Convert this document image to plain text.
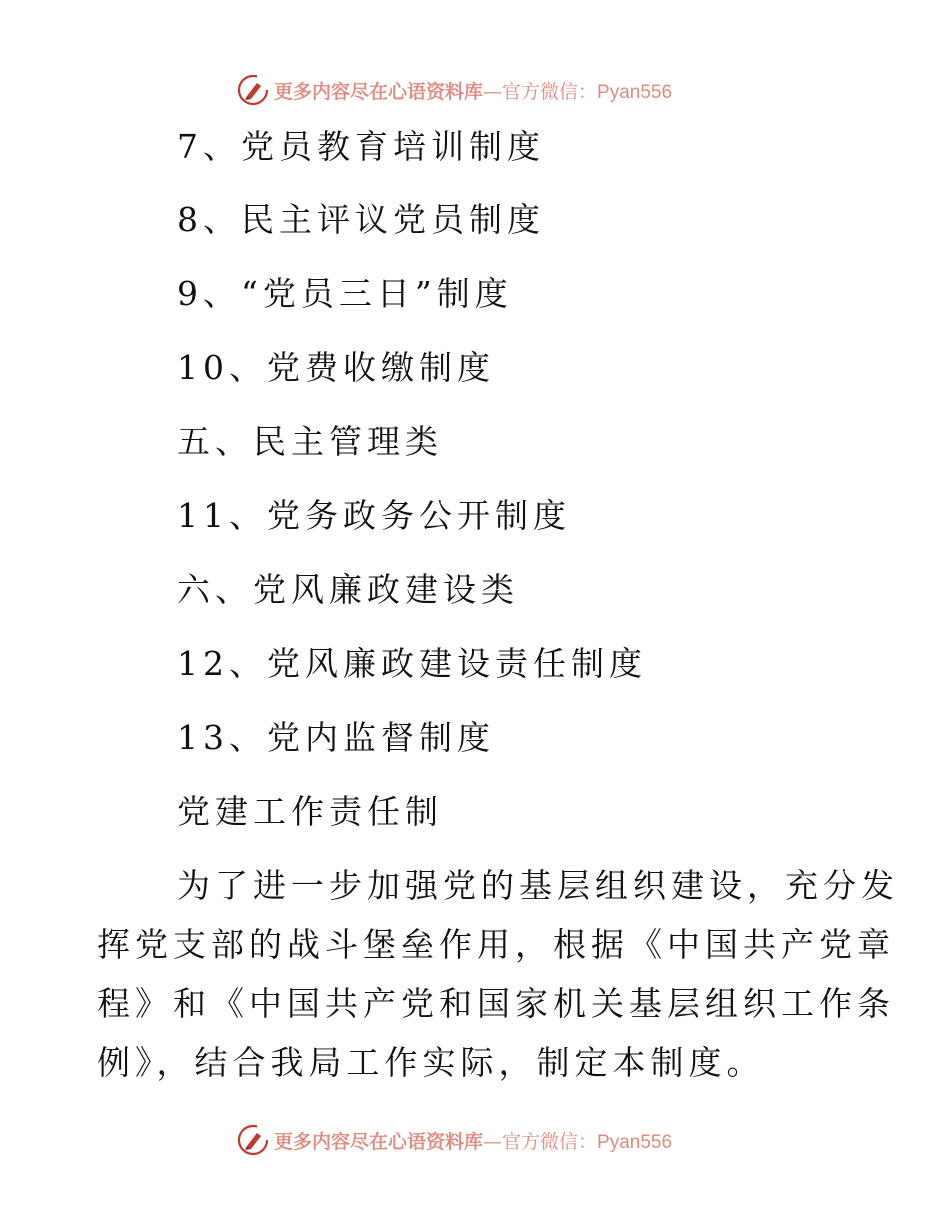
更多内容尽在心语资料库—官方微信：Pyan556
7、党员教育培训制度
8、民主评议党员制度
9、“党员三日”制度
10、党费收缴制度
五、民主管理类
11、党务政务公开制度
六、党风廉政建设类
12、党风廉政建设责任制度
13、党内监督制度
党建工作责任制
为了进一步加强党的基层组织建设，充分发
挥党支部的战斗堡垒作用，根据《中国共产党章
程》和《中国共产党和国家机关基层组织工作条
例》，结合我局工作实际，制定本制度。
更多内容尽在心语资料库—官方微信：Pyan556
